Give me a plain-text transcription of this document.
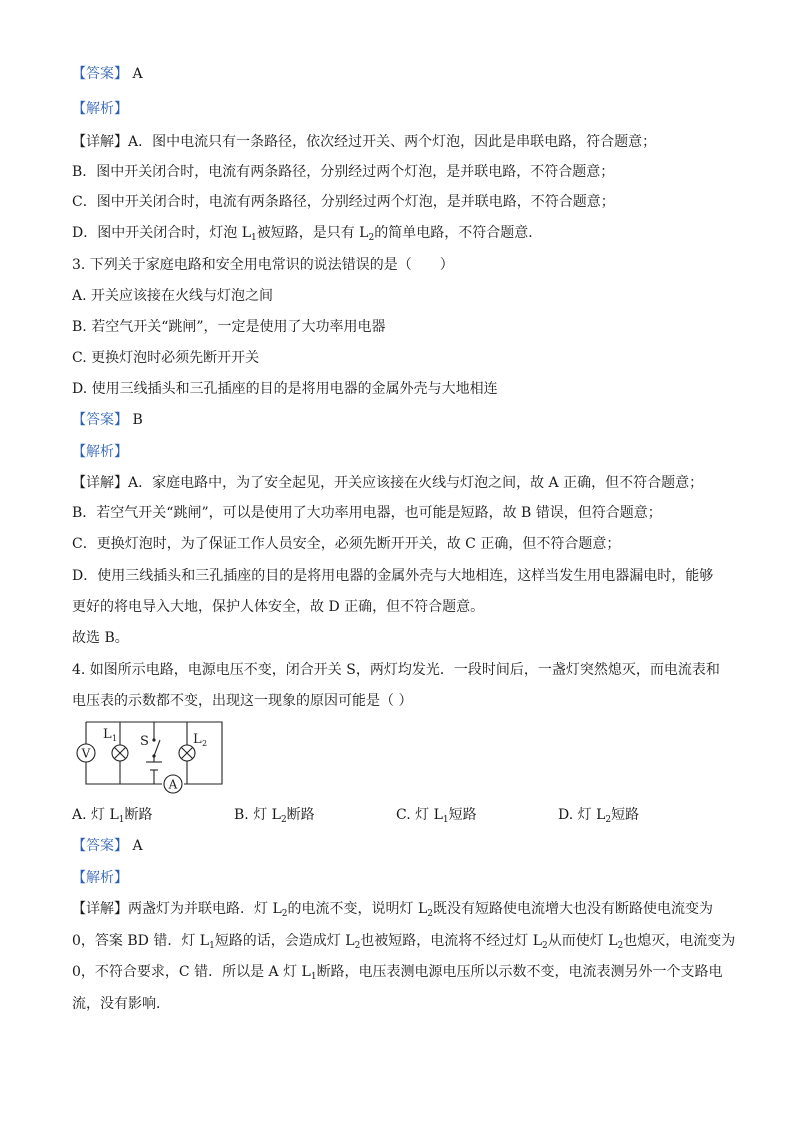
【答案】 A
【解析】
【详解】A．图中电流只有一条路径，依次经过开关、两个灯泡，因此是串联电路，符合题意；
B．图中开关闭合时，电流有两条路径，分别经过两个灯泡，是并联电路，不符合题意；
C．图中开关闭合时，电流有两条路径，分别经过两个灯泡，是并联电路，不符合题意；
D．图中开关闭合时，灯泡 $L_1$被短路，是只有 $L_2$的简单电路，不符合题意．
3. 下列关于家庭电路和安全用电常识的说法错误的是（　　）
A. 开关应该接在火线与灯泡之间
B. 若空气开关“跳闸”，一定是使用了大功率用电器
C. 更换灯泡时必须先断开开关
D. 使用三线插头和三孔插座的目的是将用电器的金属外壳与大地相连
【答案】 B
【解析】
【详解】A．家庭电路中，为了安全起见，开关应该接在火线与灯泡之间，故 A 正确，但不符合题意；
B．若空气开关“跳闸”，可以是使用了大功率用电器，也可能是短路，故 B 错误，但符合题意；
C．更换灯泡时，为了保证工作人员安全，必须先断开开关，故 C 正确，但不符合题意；
D．使用三线插头和三孔插座的目的是将用电器的金属外壳与大地相连，这样当发生用电器漏电时，能够
更好的将电导入大地，保护人体安全，故 D 正确，但不符合题意。
故选 B。
4. 如图所示电路，电源电压不变，闭合开关 S，两灯均发光．一段时间后，一盏灯突然熄灭，而电流表和
电压表的示数都不变，出现这一现象的原因可能是（ ）
V
A
L 1 S	L 2
A. 灯 $L_1$断路	B. 灯 $L_2$断路	C. 灯 $L_1$短路	D. 灯 $L_2$短路
【答案】 A
【解析】
【详解】两盏灯为并联电路．灯 $L_2$的电流不变，说明灯 $L_2$既没有短路使电流增大也没有断路使电流变为
0，答案 BD 错．灯 $L_1$短路的话，会造成灯 $L_2$也被短路，电流将不经过灯 $L_2$从而使灯 $L_2$也熄灭，电流变为
0，不符合要求，C 错．所以是 A 灯 $L_1$断路，电压表测电源电压所以示数不变，电流表测另外一个支路电
流，没有影响．
